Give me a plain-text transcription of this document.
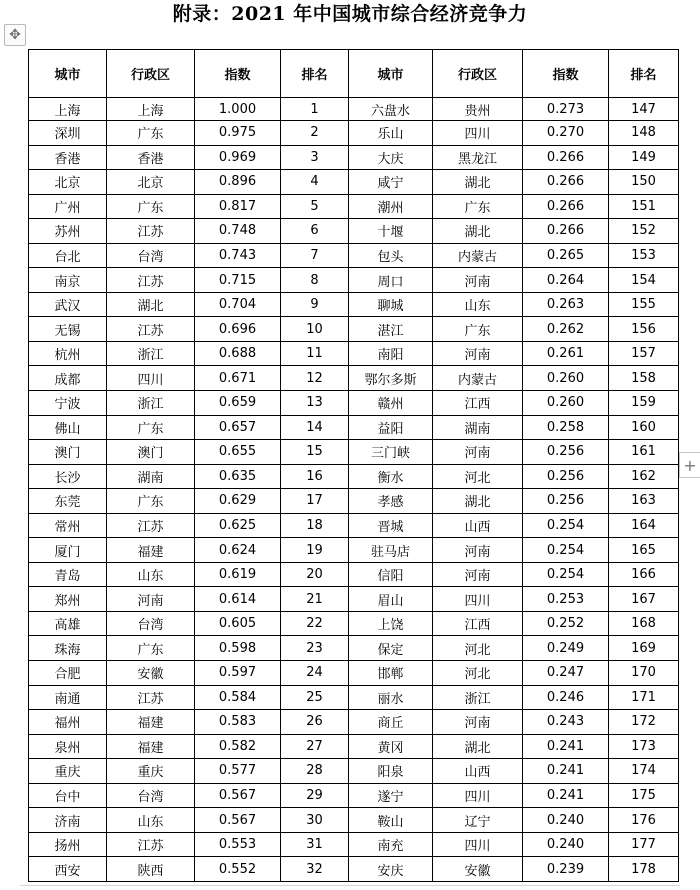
附录：2021 年中国城市综合经济竞争力
✥
城市	行政区	指数	排名	城市	行政区	指数	排名
上海	上海	1.000	1	六盘水	贵州	0.273	147
深圳	广东	0.975	2	乐山	四川	0.270	148
香港	香港	0.969	3	大庆	黑龙江	0.266	149
北京	北京	0.896	4	咸宁	湖北	0.266	150
广州	广东	0.817	5	潮州	广东	0.266	151
苏州	江苏	0.748	6	十堰	湖北	0.266	152
台北	台湾	0.743	7	包头	内蒙古	0.265	153
南京	江苏	0.715	8	周口	河南	0.264	154
武汉	湖北	0.704	9	聊城	山东	0.263	155
无锡	江苏	0.696	10	湛江	广东	0.262	156
杭州	浙江	0.688	11	南阳	河南	0.261	157
成都	四川	0.671	12	鄂尔多斯	内蒙古	0.260	158
宁波	浙江	0.659	13	赣州	江西	0.260	159
佛山	广东	0.657	14	益阳	湖南	0.258	160
澳门	澳门	0.655	15	三门峡	河南	0.256	161
长沙	湖南	0.635	16	衡水	河北	0.256	162
东莞	广东	0.629	17	孝感	湖北	0.256	163
常州	江苏	0.625	18	晋城	山西	0.254	164
厦门	福建	0.624	19	驻马店	河南	0.254	165
青岛	山东	0.619	20	信阳	河南	0.254	166
郑州	河南	0.614	21	眉山	四川	0.253	167
高雄	台湾	0.605	22	上饶	江西	0.252	168
珠海	广东	0.598	23	保定	河北	0.249	169
合肥	安徽	0.597	24	邯郸	河北	0.247	170
南通	江苏	0.584	25	丽水	浙江	0.246	171
福州	福建	0.583	26	商丘	河南	0.243	172
泉州	福建	0.582	27	黄冈	湖北	0.241	173
重庆	重庆	0.577	28	阳泉	山西	0.241	174
台中	台湾	0.567	29	遂宁	四川	0.241	175
济南	山东	0.567	30	鞍山	辽宁	0.240	176
扬州	江苏	0.553	31	南充	四川	0.240	177
西安	陕西	0.552	32	安庆	安徽	0.239	178
+
